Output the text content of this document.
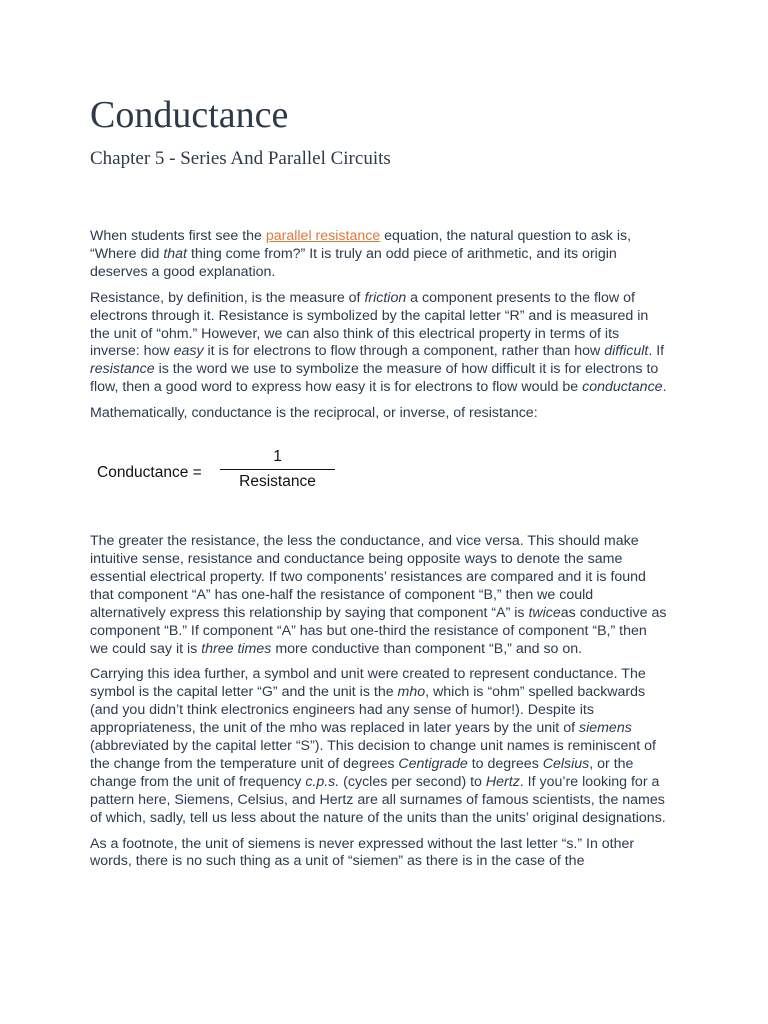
Conductance
Chapter 5 - Series And Parallel Circuits

When students first see the parallel resistance equation, the natural question to ask is, “Where did that thing come from?” It is truly an odd piece of arithmetic, and its origin deserves a good explanation.

Resistance, by definition, is the measure of friction a component presents to the flow of electrons through it. Resistance is symbolized by the capital letter “R” and is measured in the unit of “ohm.” However, we can also think of this electrical property in terms of its inverse: how easy it is for electrons to flow through a component, rather than how difficult. If resistance is the word we use to symbolize the measure of how difficult it is for electrons to flow, then a good word to express how easy it is for electrons to flow would be conductance.

Mathematically, conductance is the reciprocal, or inverse, of resistance:

Conductance =
1
Resistance

The greater the resistance, the less the conductance, and vice versa. This should make intuitive sense, resistance and conductance being opposite ways to denote the same essential electrical property. If two components’ resistances are compared and it is found that component “A” has one-half the resistance of component “B,” then we could alternatively express this relationship by saying that component “A” is twiceas conductive as component “B.” If component “A” has but one-third the resistance of component “B,” then we could say it is three times more conductive than component “B,” and so on.

Carrying this idea further, a symbol and unit were created to represent conductance. The symbol is the capital letter “G” and the unit is the mho, which is “ohm” spelled backwards (and you didn’t think electronics engineers had any sense of humor!). Despite its appropriateness, the unit of the mho was replaced in later years by the unit of siemens (abbreviated by the capital letter “S”). This decision to change unit names is reminiscent of the change from the temperature unit of degrees Centigrade to degrees Celsius, or the change from the unit of frequency c.p.s. (cycles per second) to Hertz. If you’re looking for a pattern here, Siemens, Celsius, and Hertz are all surnames of famous scientists, the names of which, sadly, tell us less about the nature of the units than the units’ original designations.

As a footnote, the unit of siemens is never expressed without the last letter “s.” In other words, there is no such thing as a unit of “siemen” as there is in the case of the
